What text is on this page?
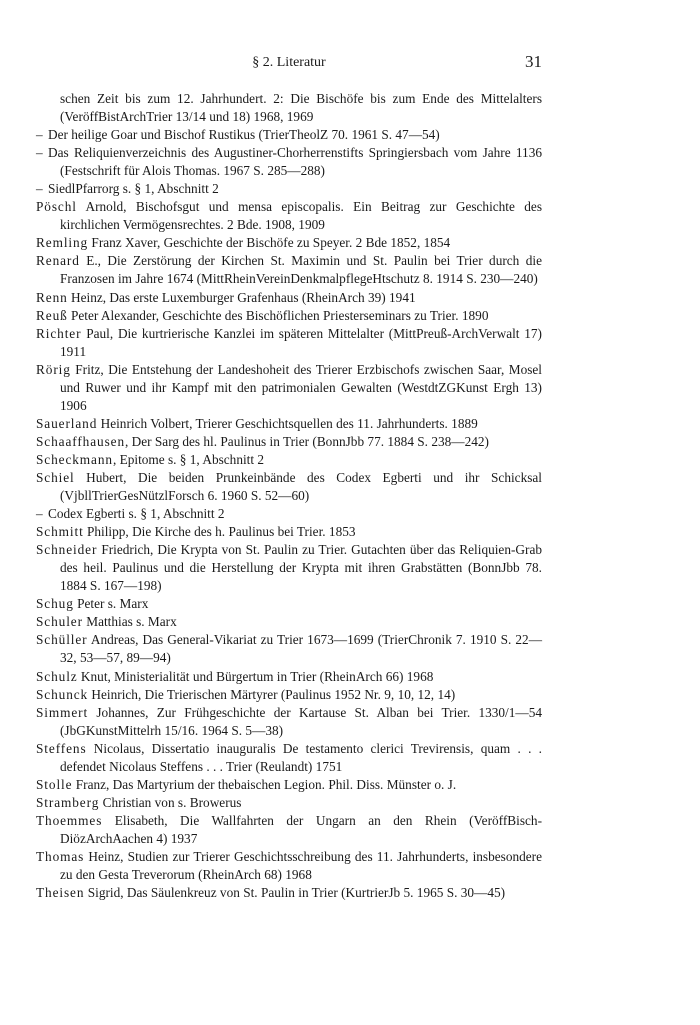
§ 2. Literatur	31

schen Zeit bis zum 12. Jahrhundert. 2: Die Bischöfe bis zum Ende des Mittelalters (VeröffBistArchTrier 13/14 und 18) 1968, 1969

– Der heilige Goar und Bischof Rustikus (TrierTheolZ 70. 1961 S. 47—54)

– Das Reliquienverzeichnis des Augustiner-Chorherrenstifts Springiersbach vom Jahre 1136 (Festschrift für Alois Thomas. 1967 S. 285—288)

– SiedlPfarrorg s. § 1, Abschnitt 2

Pöschl Arnold, Bischofsgut und mensa episcopalis. Ein Beitrag zur Geschichte des kirchlichen Vermögensrechtes. 2 Bde. 1908, 1909

Remling Franz Xaver, Geschichte der Bischöfe zu Speyer. 2 Bde 1852, 1854

Renard E., Die Zerstörung der Kirchen St. Maximin und St. Paulin bei Trier durch die Franzosen im Jahre 1674 (MittRheinVereinDenkmalpflegeHtschutz 8. 1914 S. 230—240)

Renn Heinz, Das erste Luxemburger Grafenhaus (RheinArch 39) 1941

Reuß Peter Alexander, Geschichte des Bischöflichen Priesterseminars zu Trier. 1890

Richter Paul, Die kurtrierische Kanzlei im späteren Mittelalter (MittPreuß-ArchVerwalt 17) 1911

Rörig Fritz, Die Entstehung der Landeshoheit des Trierer Erzbischofs zwischen Saar, Mosel und Ruwer und ihr Kampf mit den patrimonialen Gewalten (WestdtZGKunst Ergh 13) 1906

Sauerland Heinrich Volbert, Trierer Geschichtsquellen des 11. Jahrhunderts. 1889

Schaaffhausen, Der Sarg des hl. Paulinus in Trier (BonnJbb 77. 1884 S. 238—242)

Scheckmann, Epitome s. § 1, Abschnitt 2

Schiel Hubert, Die beiden Prunkeinbände des Codex Egberti und ihr Schicksal (VjbllTrierGesNützlForsch 6. 1960 S. 52—60)

– Codex Egberti s. § 1, Abschnitt 2

Schmitt Philipp, Die Kirche des h. Paulinus bei Trier. 1853

Schneider Friedrich, Die Krypta von St. Paulin zu Trier. Gutachten über das Reliquien-Grab des heil. Paulinus und die Herstellung der Krypta mit ihren Grabstätten (BonnJbb 78. 1884 S. 167—198)

Schug Peter s. Marx

Schuler Matthias s. Marx

Schüller Andreas, Das General-Vikariat zu Trier 1673—1699 (TrierChronik 7. 1910 S. 22—32, 53—57, 89—94)

Schulz Knut, Ministerialität und Bürgertum in Trier (RheinArch 66) 1968

Schunck Heinrich, Die Trierischen Märtyrer (Paulinus 1952 Nr. 9, 10, 12, 14)

Simmert Johannes, Zur Frühgeschichte der Kartause St. Alban bei Trier. 1330/1—54 (JbGKunstMittelrh 15/16. 1964 S. 5—38)

Steffens Nicolaus, Dissertatio inauguralis De testamento clerici Trevirensis, quam . . . defendet Nicolaus Steffens . . . Trier (Reulandt) 1751

Stolle Franz, Das Martyrium der thebaischen Legion. Phil. Diss. Münster o. J.

Stramberg Christian von s. Browerus

Thoemmes Elisabeth, Die Wallfahrten der Ungarn an den Rhein (VeröffBisch-DiözArchAachen 4) 1937

Thomas Heinz, Studien zur Trierer Geschichtsschreibung des 11. Jahrhunderts, insbesondere zu den Gesta Treverorum (RheinArch 68) 1968

Theisen Sigrid, Das Säulenkreuz von St. Paulin in Trier (KurtrierJb 5. 1965 S. 30—45)
